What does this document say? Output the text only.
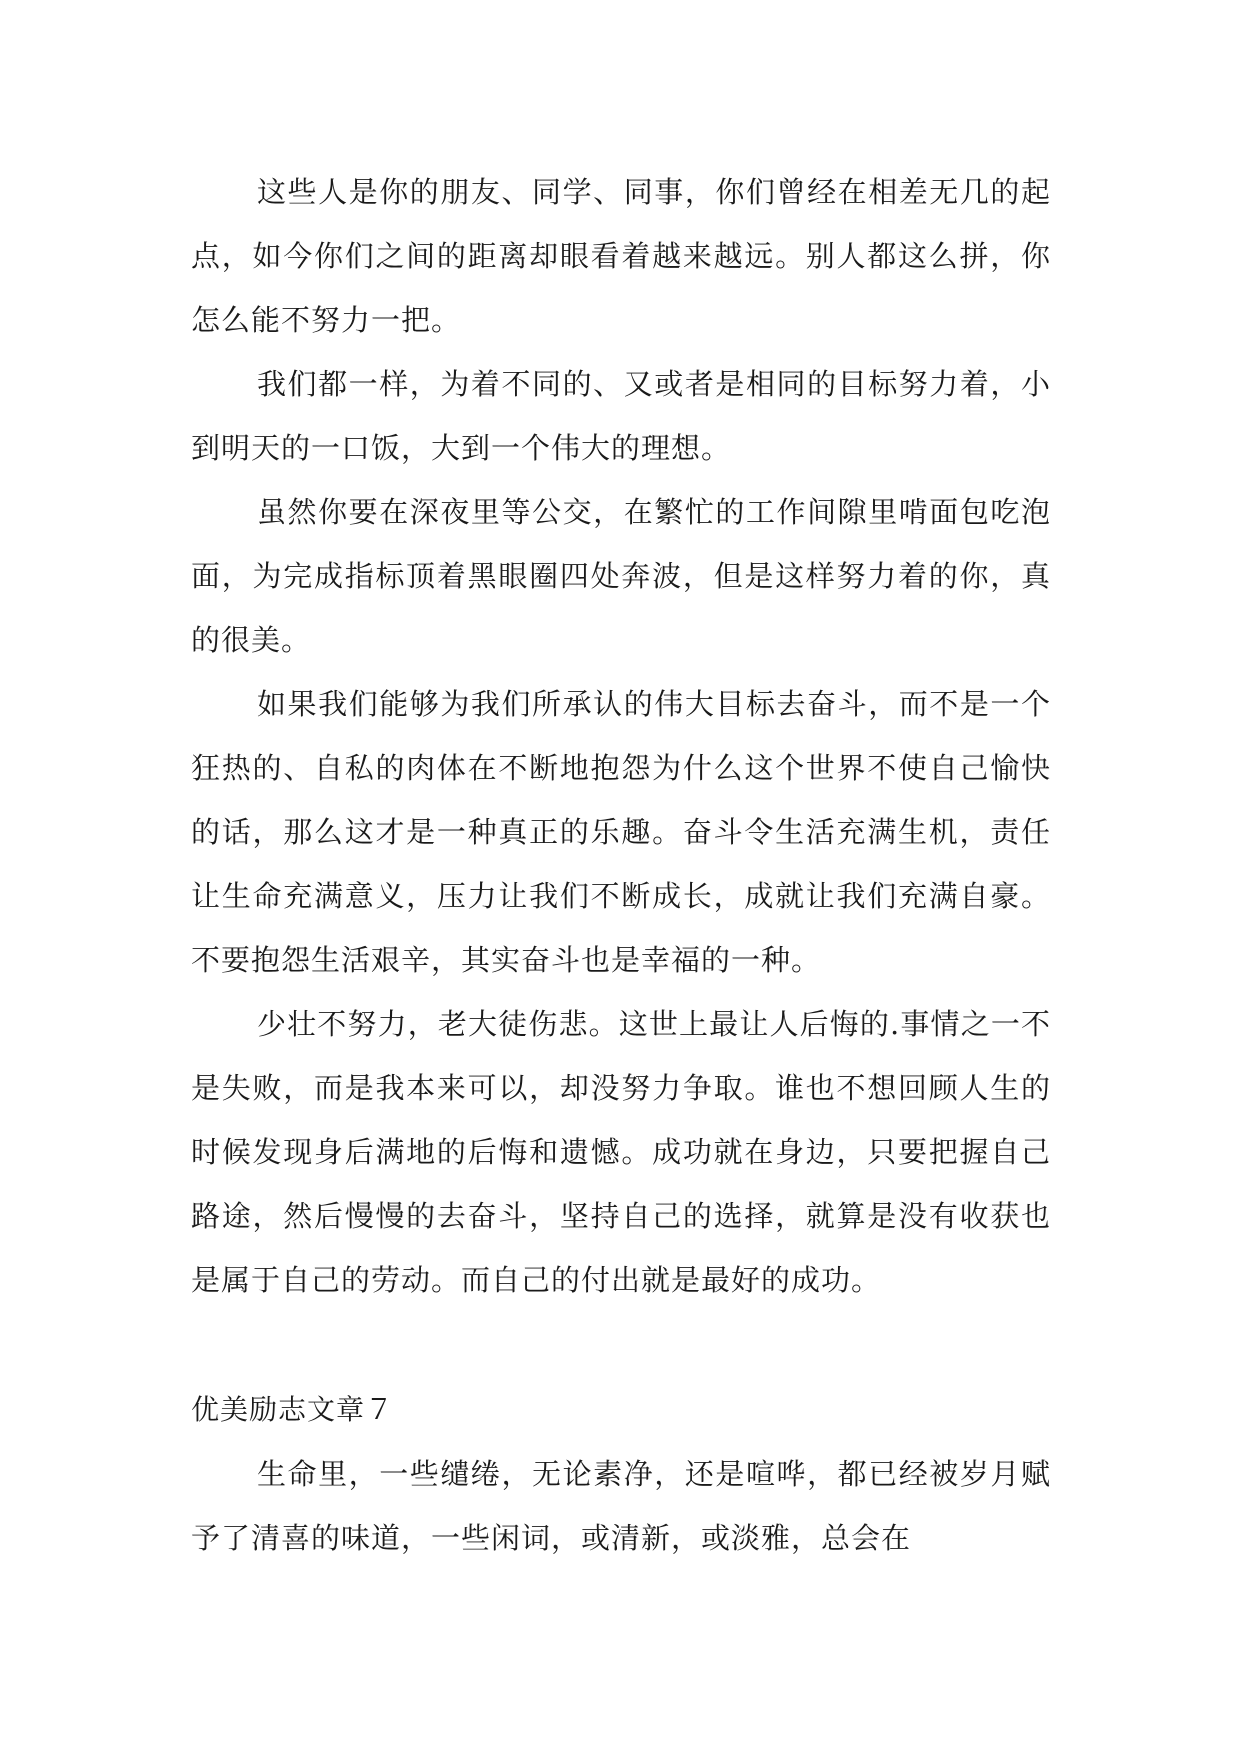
这些人是你的朋友、同学、同事，你们曾经在相差无几的起点，如今你们之间的距离却眼看着越来越远。别人都这么拼，你怎么能不努力一把。

我们都一样，为着不同的、又或者是相同的目标努力着，小到明天的一口饭，大到一个伟大的理想。

虽然你要在深夜里等公交，在繁忙的工作间隙里啃面包吃泡面，为完成指标顶着黑眼圈四处奔波，但是这样努力着的你，真的很美。

如果我们能够为我们所承认的伟大目标去奋斗，而不是一个狂热的、自私的肉体在不断地抱怨为什么这个世界不使自己愉快的话，那么这才是一种真正的乐趣。奋斗令生活充满生机，责任让生命充满意义，压力让我们不断成长，成就让我们充满自豪。不要抱怨生活艰辛，其实奋斗也是幸福的一种。

少壮不努力，老大徒伤悲。这世上最让人后悔的.事情之一不是失败，而是我本来可以，却没努力争取。谁也不想回顾人生的时候发现身后满地的后悔和遗憾。成功就在身边，只要把握自己路途，然后慢慢的去奋斗，坚持自己的选择，就算是没有收获也是属于自己的劳动。而自己的付出就是最好的成功。

优美励志文章７

生命里，一些缱绻，无论素净，还是喧哗，都已经被岁月赋予了清喜的味道，一些闲词，或清新，或淡雅，总会在
